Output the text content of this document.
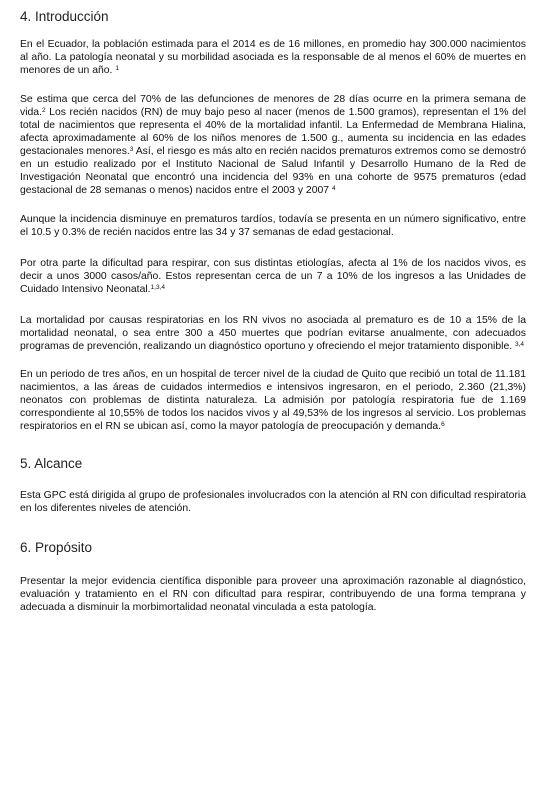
4. Introducción

En el Ecuador, la población estimada para el 2014 es de 16 millones, en promedio hay 300.000 nacimientos al año. La patología neonatal y su morbilidad asociada es la responsable de al menos el 60% de muertes en menores de un año. $^1$

Se estima que cerca del 70% de las defunciones de menores de 28 días ocurre en la primera semana de vida.$^2$ Los recién nacidos (RN) de muy bajo peso al nacer (menos de 1.500 gramos), representan el 1% del total de nacimientos que representa el 40% de la mortalidad infantil. La Enfermedad de Membrana Hialina, afecta aproximadamente al 60% de los niños menores de 1.500 g., aumenta su incidencia en las edades gestacionales menores.$^3$ Así, el riesgo es más alto en recién nacidos prematuros extremos como se demostró en un estudio realizado por el Instituto Nacional de Salud Infantil y Desarrollo Humano de la Red de Investigación Neonatal que encontró una incidencia del 93% en una cohorte de 9575 prematuros (edad gestacional de 28 semanas o menos) nacidos entre el 2003 y 2007 $^4$

Aunque la incidencia disminuye en prematuros tardíos, todavía se presenta en un número significativo, entre el 10.5 y 0.3% de recién nacidos entre las 34 y 37 semanas de edad gestacional.

Por otra parte la dificultad para respirar, con sus distintas etiologías, afecta al 1% de los nacidos vivos, es decir a unos 3000 casos/año. Estos representan cerca de un 7 a 10% de los ingresos a las Unidades de Cuidado Intensivo Neonatal.$^{1,3,4}$

La mortalidad por causas respiratorias en los RN vivos no asociada al prematuro es de 10 a 15% de la mortalidad neonatal, o sea entre 300 a 450 muertes que podrían evitarse anualmente, con adecuados programas de prevención, realizando un diagnóstico oportuno y ofreciendo el mejor tratamiento disponible. $^{3,4}$

En un periodo de tres años, en un hospital de tercer nivel de la ciudad de Quito que recibió un total de 11.181 nacimientos, a las áreas de cuidados intermedios e intensivos ingresaron, en el periodo, 2.360 (21,3%) neonatos con problemas de distinta naturaleza. La admisión por patología respiratoria fue de 1.169 correspondiente al 10,55% de todos los nacidos vivos y al 49,53% de los ingresos al servicio. Los problemas respiratorios en el RN se ubican así, como la mayor patología de preocupación y demanda.$^6$

5. Alcance

Esta GPC está dirigida al grupo de profesionales involucrados con la atención al RN con dificultad respiratoria en los diferentes niveles de atención.

6. Propósito

Presentar la mejor evidencia científica disponible para proveer una aproximación razonable al diagnóstico, evaluación y tratamiento en el RN con dificultad para respirar, contribuyendo de una forma temprana y adecuada a disminuir la morbimortalidad neonatal vinculada a esta patología.
